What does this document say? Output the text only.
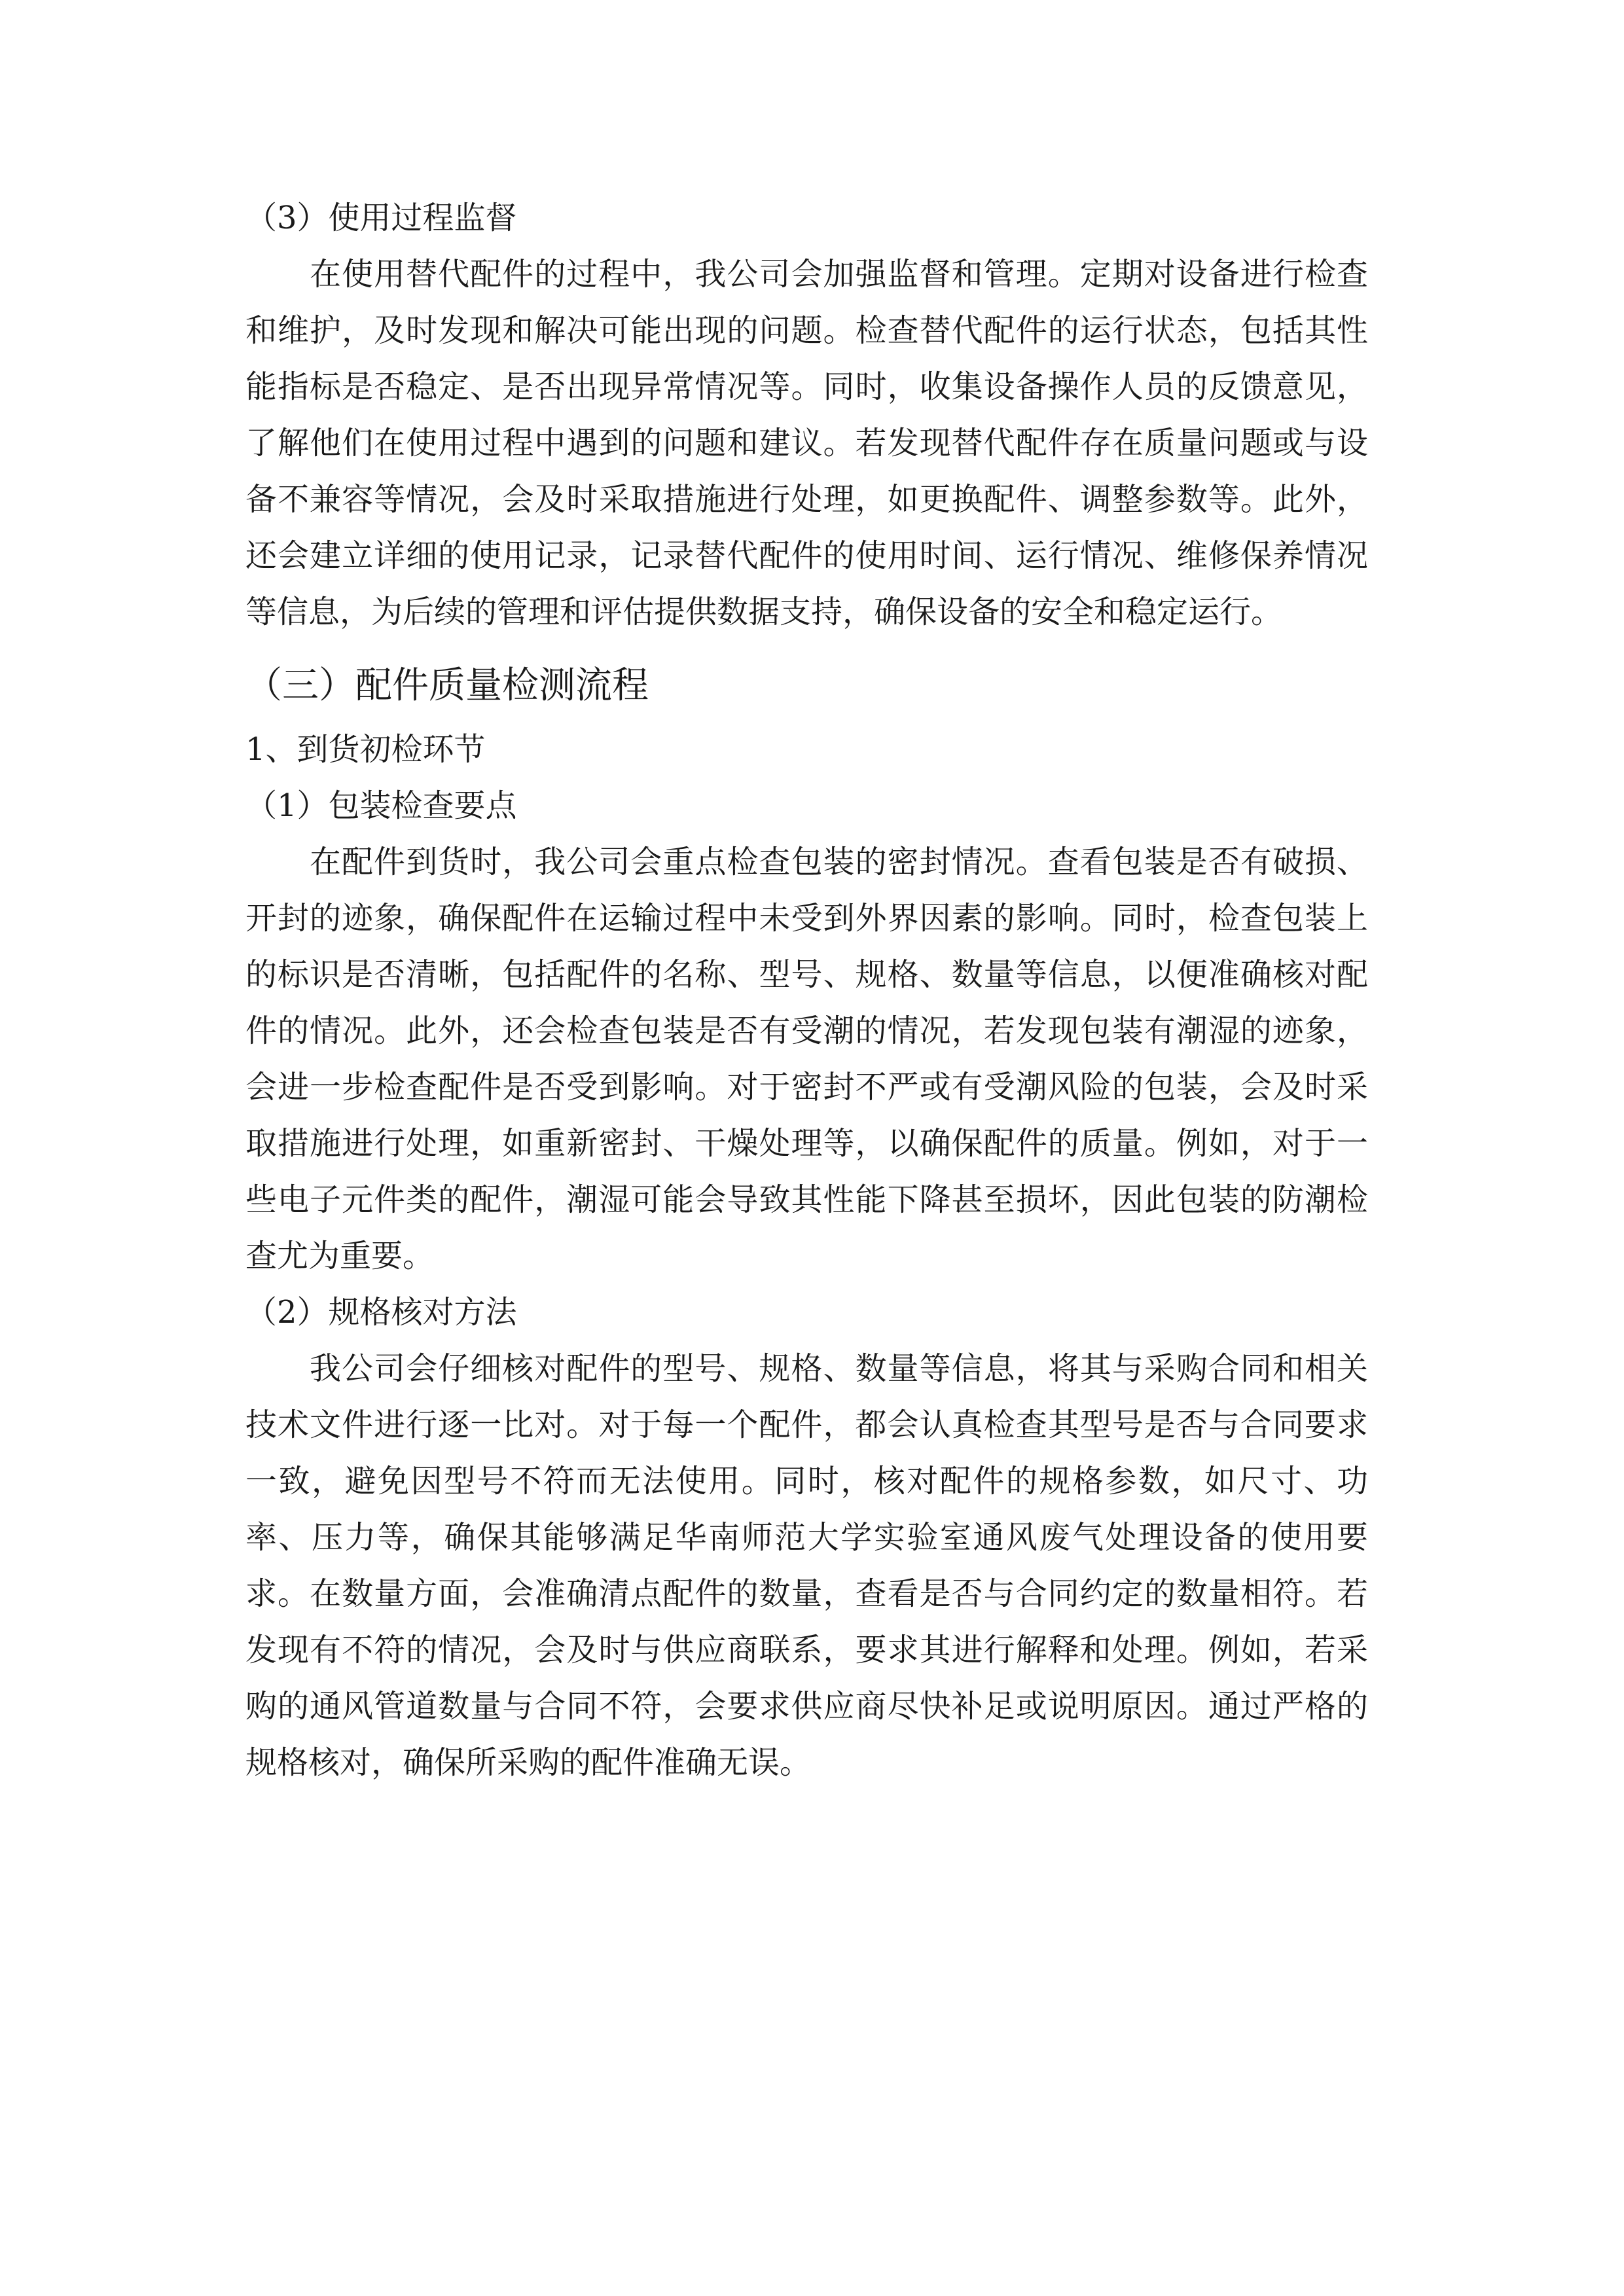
（3）使用过程监督

在使用替代配件的过程中，我公司会加强监督和管理。定期对设备进行检查和维护，及时发现和解决可能出现的问题。检查替代配件的运行状态，包括其性能指标是否稳定、是否出现异常情况等。同时，收集设备操作人员的反馈意见，了解他们在使用过程中遇到的问题和建议。若发现替代配件存在质量问题或与设备不兼容等情况，会及时采取措施进行处理，如更换配件、调整参数等。此外，还会建立详细的使用记录，记录替代配件的使用时间、运行情况、维修保养情况等信息，为后续的管理和评估提供数据支持，确保设备的安全和稳定运行。

（三）配件质量检测流程

1、到货初检环节

（1）包装检查要点

在配件到货时，我公司会重点检查包装的密封情况。查看包装是否有破损、开封的迹象，确保配件在运输过程中未受到外界因素的影响。同时，检查包装上的标识是否清晰，包括配件的名称、型号、规格、数量等信息，以便准确核对配件的情况。此外，还会检查包装是否有受潮的情况，若发现包装有潮湿的迹象，会进一步检查配件是否受到影响。对于密封不严或有受潮风险的包装，会及时采取措施进行处理，如重新密封、干燥处理等，以确保配件的质量。例如，对于一些电子元件类的配件，潮湿可能会导致其性能下降甚至损坏，因此包装的防潮检查尤为重要。

（2）规格核对方法

我公司会仔细核对配件的型号、规格、数量等信息，将其与采购合同和相关技术文件进行逐一比对。对于每一个配件，都会认真检查其型号是否与合同要求一致，避免因型号不符而无法使用。同时，核对配件的规格参数，如尺寸、功率、压力等，确保其能够满足华南师范大学实验室通风废气处理设备的使用要求。在数量方面，会准确清点配件的数量，查看是否与合同约定的数量相符。若发现有不符的情况，会及时与供应商联系，要求其进行解释和处理。例如，若采购的通风管道数量与合同不符，会要求供应商尽快补足或说明原因。通过严格的规格核对，确保所采购的配件准确无误。
